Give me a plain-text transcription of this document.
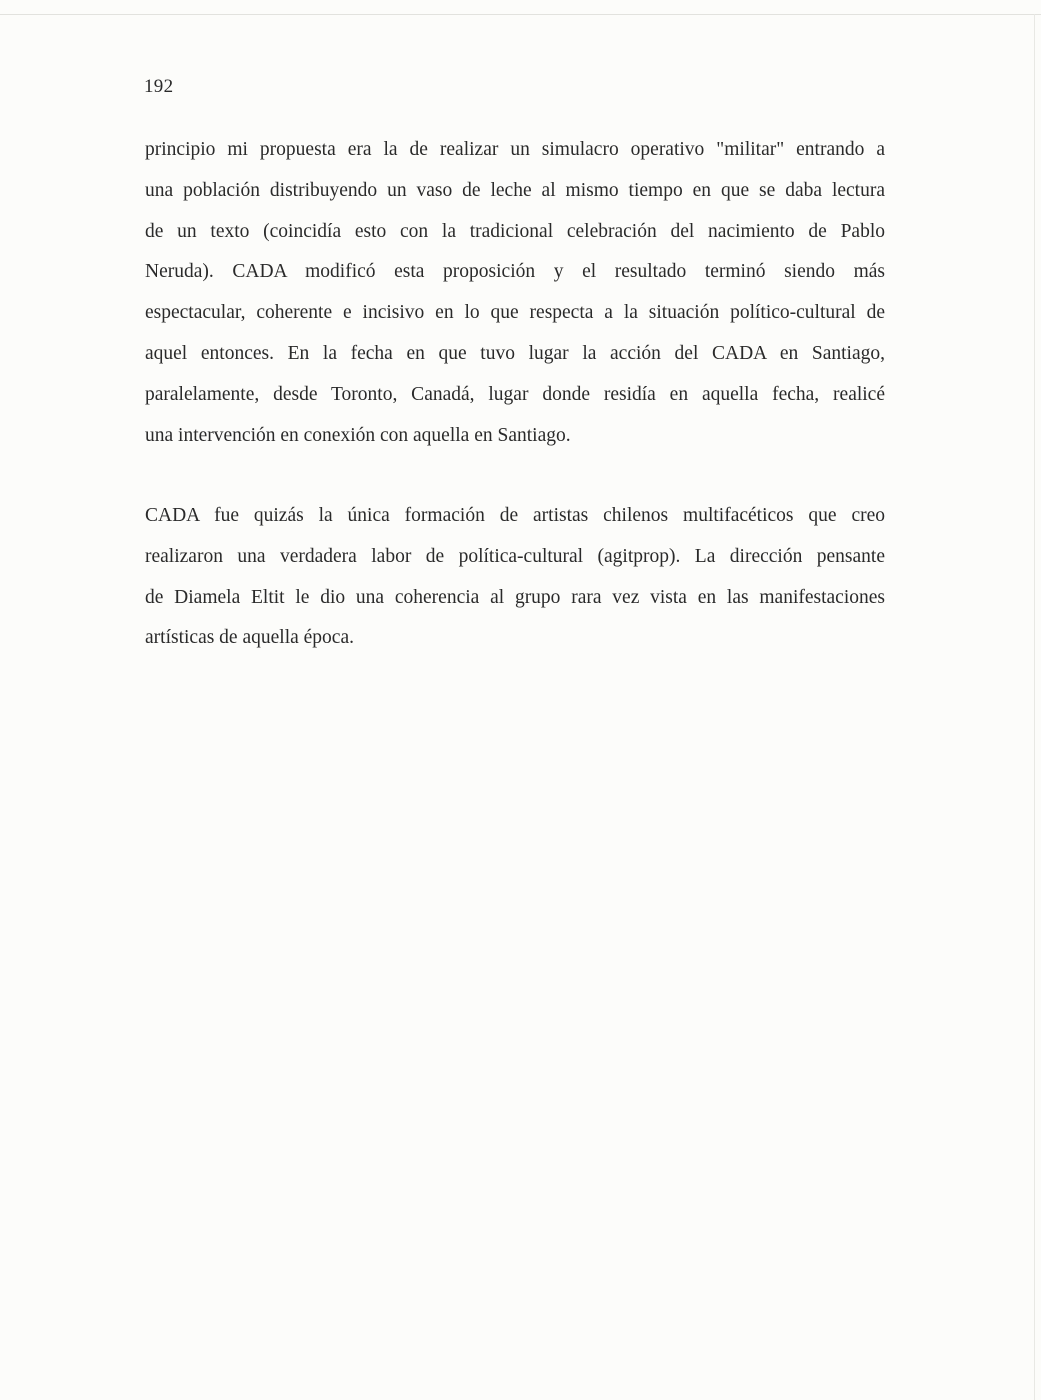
192

principio mi propuesta era la de realizar un simulacro operativo "militar" entrando a
una población distribuyendo un vaso de leche al mismo tiempo en que se daba lectura
de un texto (coincidía esto con la tradicional celebración del nacimiento de Pablo
Neruda). CADA modificó esta proposición y el resultado terminó siendo más
espectacular, coherente e incisivo en lo que respecta a la situación político-cultural de
aquel entonces. En la fecha en que tuvo lugar la acción del CADA en Santiago,
paralelamente, desde Toronto, Canadá, lugar donde residía en aquella fecha, realicé
una intervención en conexión con aquella en Santiago.

CADA fue quizás la única formación de artistas chilenos multifacéticos que creo
realizaron una verdadera labor de política-cultural (agitprop). La dirección pensante
de Diamela Eltit le dio una coherencia al grupo rara vez vista en las manifestaciones
artísticas de aquella época.
